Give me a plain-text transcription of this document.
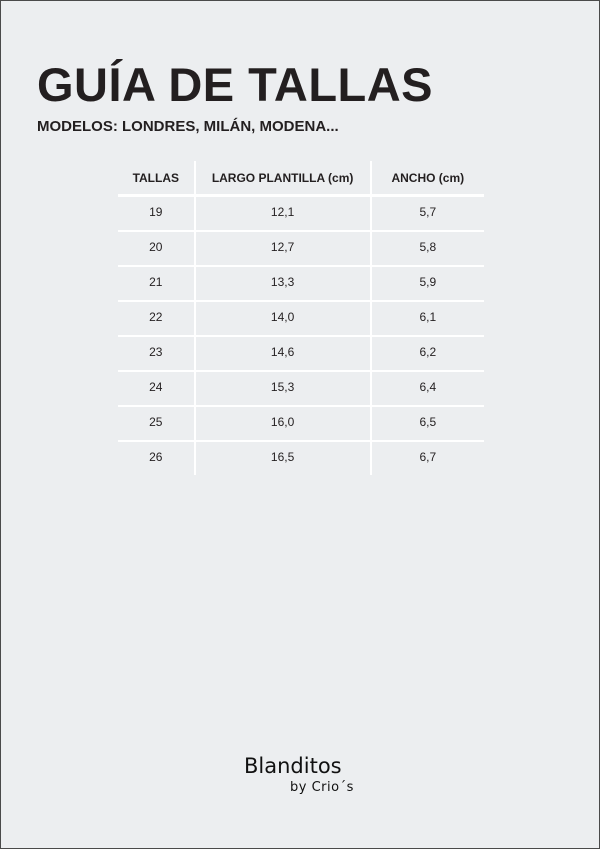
GUÍA DE TALLAS
MODELOS: LONDRES, MILÁN, MODENA...
TALLAS	LARGO PLANTILLA (cm)	ANCHO (cm)
19	12,1	5,7
20	12,7	5,8
21	13,3	5,9
22	14,0	6,1
23	14,6	6,2
24	15,3	6,4
25	16,0	6,5
26	16,5	6,7
Blanditos
by Crio´s
